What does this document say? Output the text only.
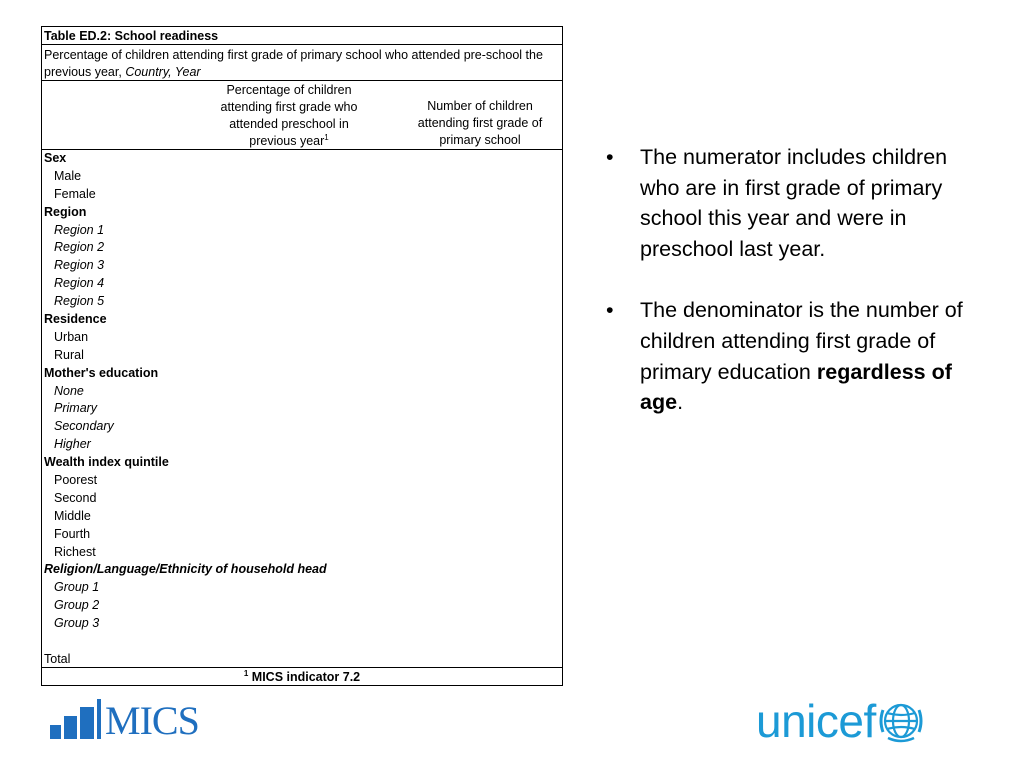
Table ED.2: School readiness
Percentage of children attending first grade of primary school who attended pre-school the previous year, Country, Year
Percentage of children attending first grade who attended preschool in previous year$^1$
Number of children attending first grade of primary school
Sex
Male
Female
Region
Region 1
Region 2
Region 3
Region 4
Region 5
Residence
Urban
Rural
Mother's education
None
Primary
Secondary
Higher
Wealth index quintile
Poorest
Second
Middle
Fourth
Richest
Religion/Language/Ethnicity of household head
Group 1
Group 2
Group 3
Total
$^1$ MICS indicator 7.2
• The numerator includes children who are in first grade of primary school this year and were in preschool last year.
• The denominator is the number of children attending first grade of primary education regardless of age.
MICS	unicef
